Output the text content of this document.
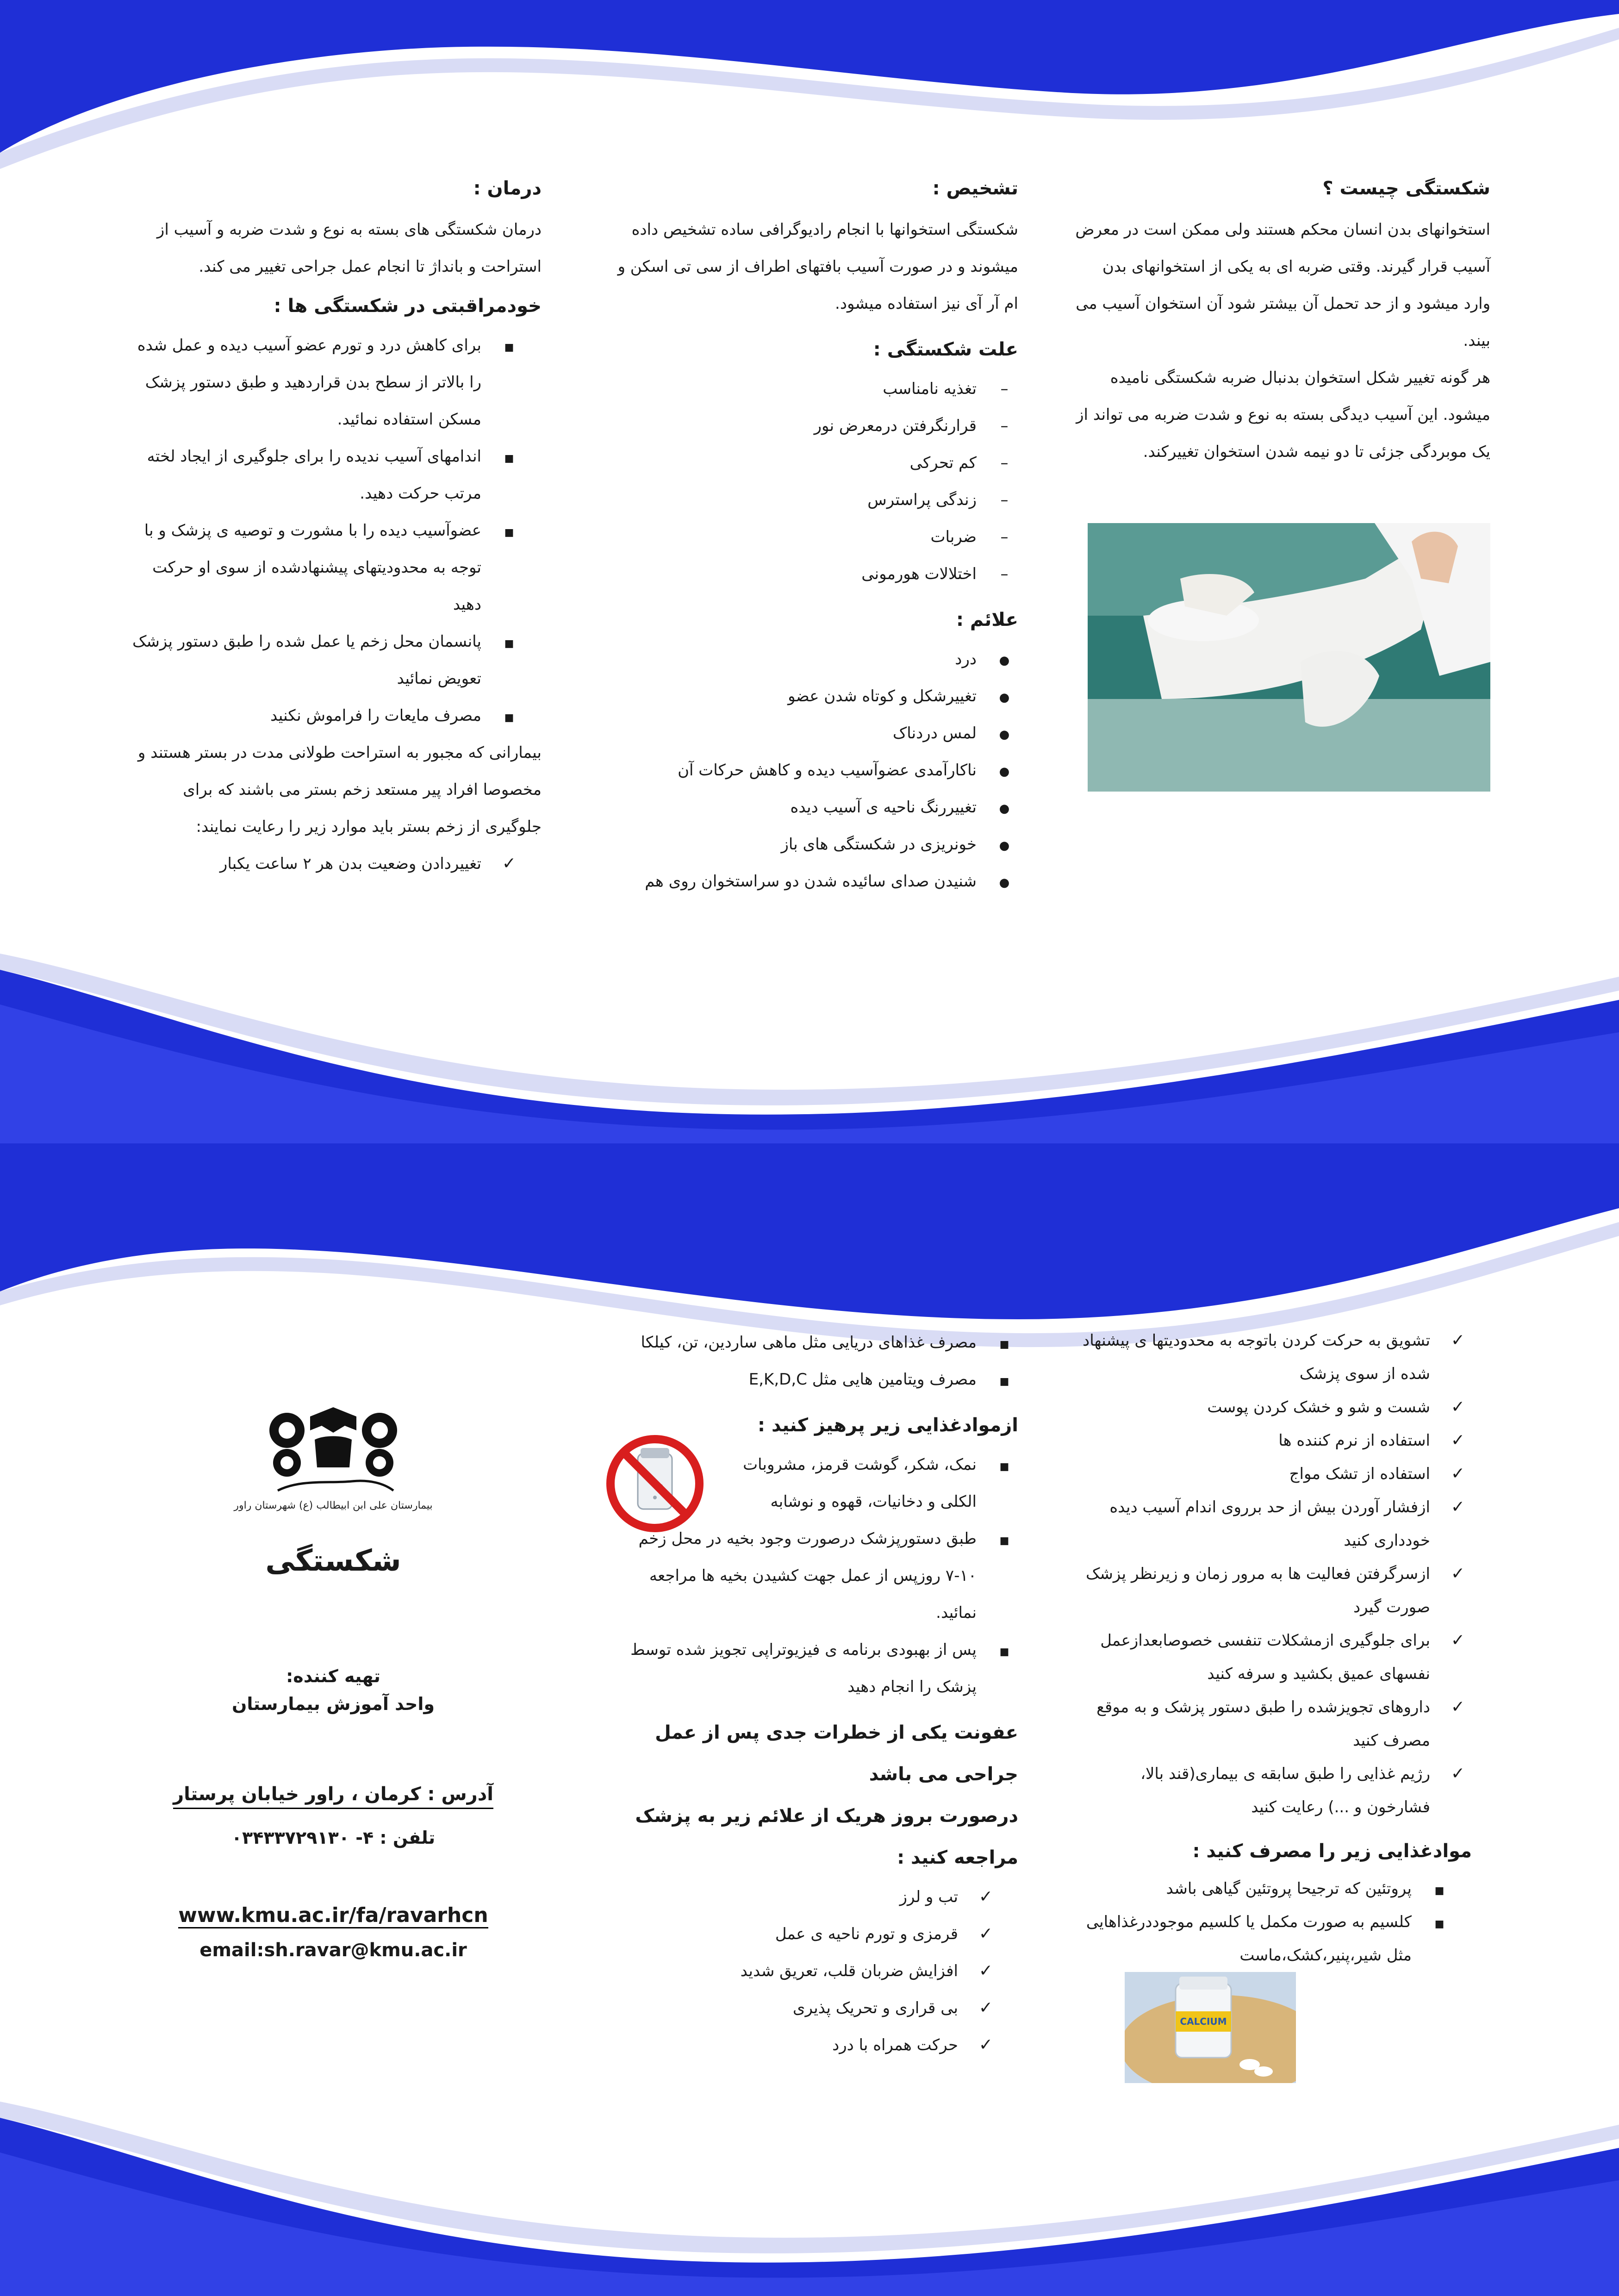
شکستگی چیست ؟

استخوانهای بدن انسان محکم هستند ولی ممکن است در معرض آسیب قرار گیرند. وقتی ضربه ای به یکی از استخوانهای بدن وارد میشود و از حد تحمل آن بیشتر شود آن استخوان آسیب می بیند.

هر گونه تغییر شکل استخوان بدنبال ضربه شکستگی نامیده میشود. این آسیب دیدگی بسته به نوع و شدت ضربه می تواند از یک موبردگی جزئی تا دو نیمه شدن استخوان تغییرکند.

تشخیص :

شکستگی استخوانها با انجام رادیوگرافی ساده تشخیص داده میشوند و در صورت آسیب بافتهای اطراف از سی تی اسکن و ام آر آی نیز استفاده میشود.

علت شکستگی :
–
تغذیه نامناسب
–
قرارنگرفتن درمعرض نور
–
کم تحرکی
–
زندگی پراسترس
–
ضربات
–
اختلالات هورمونی
علائم :
●
درد
●
تغییرشکل و کوتاه شدن عضو
●
لمس دردناک
●
ناکارآمدی عضوآسیب دیده و کاهش حرکات آن
●
تغییررنگ ناحیه ی آسیب دیده
●
خونریزی در شکستگی های باز
●
شنیدن صدای سائیده شدن دو سراستخوان روی هم
درمان :

درمان شکستگی های بسته به نوع و شدت ضربه و آسیب از استراحت و بانداژ تا انجام عمل جراحی تغییر می کند.

خودمراقبتی در شکستگی ها :
■
برای کاهش درد و تورم عضو آسیب دیده و عمل شده را بالاتر از سطح بدن قراردهید و طبق دستور پزشک مسکن استفاده نمائید.
■
اندامهای آسیب ندیده را برای جلوگیری از ایجاد لخته مرتب حرکت دهید.
■
عضوآسیب دیده را با مشورت و توصیه ی پزشک و با توجه به محدودیتهای پیشنهادشده از سوی او حرکت دهید
■
پانسمان محل زخم یا عمل شده را طبق دستور پزشک تعویض نمائید
■
مصرف مایعات را فراموش نکنید

بیمارانی که مجبور به استراحت طولانی مدت در بستر هستند و مخصوصا افراد پیر مستعد زخم بستر می باشند که برای جلوگیری از زخم بستر باید موارد زیر را رعایت نمایند:

✓
تغییردادن وضعیت بدن هر ۲ ساعت یکبار
✓
تشویق به حرکت کردن باتوجه به محدودیتها ی پیشنهاد شده از سوی پزشک
✓
شست و شو و خشک کردن پوست
✓
استفاده از نرم کننده ها
✓
استفاده از تشک مواج
✓
ازفشار آوردن بیش از حد برروی اندام آسیب دیده خودداری کنید
✓
ازسرگرفتن فعالیت ها به مرور زمان و زیرنظر پزشک صورت گیرد
✓
برای جلوگیری ازمشکلات تنفسی خصوصابعدازعمل نفسهای عمیق بکشید و سرفه کنید
✓
داروهای تجویزشده را طبق دستور پزشک و به موقع مصرف کنید
✓
رژیم غذایی را طبق سابقه ی بیماری(قند بالا، فشارخون و ...) رعایت کنید
موادغذایی زیر را مصرف کنید :
■
پروتئین که ترجیحا پروتئین گیاهی باشد
■
کلسیم به صورت مکمل یا کلسیم موجوددرغذاهایی مثل شیر،پنیر،کشک،ماست
CALCIUM
■
مصرف غذاهای دریایی مثل ماهی ساردین، تن، کیلکا
■
مصرف ویتامین هایی مثل E,K,D,C
ازموادغذایی زیر پرهیز کنید :
■
نمک، شکر، گوشت قرمز، مشروبات الکلی و دخانیات، قهوه و نوشابه
■
طبق دستورپزشک درصورت وجود بخیه در محل زخم ۱۰-۷ روزپس از عمل جهت کشیدن بخیه ها مراجعه نمائید.
■
پس از بهبودی برنامه ی فیزیوتراپی تجویز شده توسط پزشک را انجام دهید
عفونت یکی از خطرات جدی پس از عمل جراحی می باشد
درصورت بروز هریک از علائم زیر به پزشک مراجعه کنید :
✓
تب و لرز
✓
قرمزی و تورم ناحیه ی عمل
✓
افزایش ضربان قلب، تعریق شدید
✓
بی قراری و تحریک پذیری
✓
حرکت همراه با درد
بیمارستان علی ابن ابیطالب (ع) شهرستان راور
شکستگی
تهیه کننده:
واحد آموزش بیمارستان
آدرس : کرمان ، راور خیابان پرستار
تلفن : ۴- ۰۳۴۳۳۷۲۹۱۳۰
www.kmu.ac.ir/fa/ravarhcn
email:sh.ravar@kmu.ac.ir
